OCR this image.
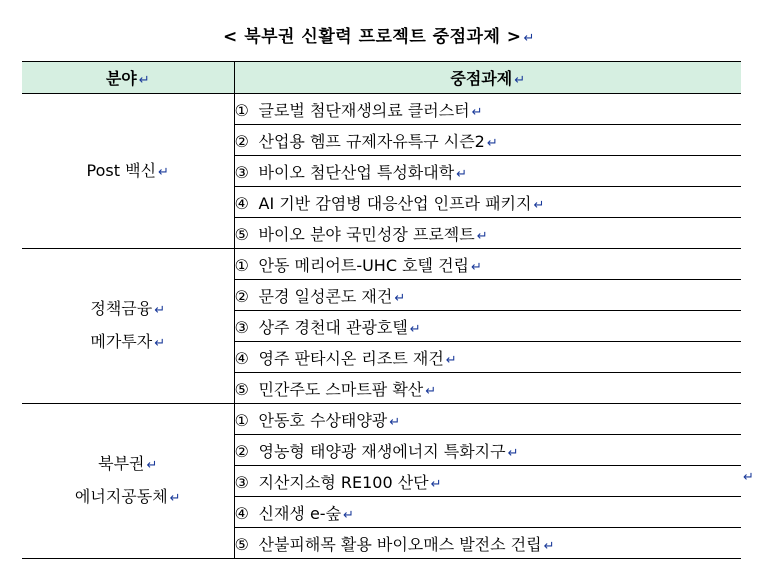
< 북부권 신활력 프로젝트 중점과제 > ↵
분야 ↵	중점과제 ↵

Post 백신 ↵	① 글로벌 첨단재생의료 클러스터 ↵
	② 산업용 헴프 규제자유특구 시즌2 ↵
	③ 바이오 첨단산업 특성화대학 ↵
	④ AI 기반 감염병 대응산업 인프라 패키지 ↵
	⑤ 바이오 분야 국민성장 프로젝트 ↵

정책금융 ↵
메가투자 ↵	① 안동 메리어트-UHC 호텔 건립 ↵
	② 문경 일성콘도 재건 ↵
	③ 상주 경천대 관광호텔 ↵
	④ 영주 판타시온 리조트 재건 ↵
	⑤ 민간주도 스마트팜 확산 ↵

북부권 ↵
에너지공동체 ↵	① 안동호 수상태양광 ↵
	② 영농형 태양광 재생에너지 특화지구 ↵
	③ 지산지소형 RE100 산단 ↵
	④ 신재생 e-숲 ↵
	⑤ 산불피해목 활용 바이오매스 발전소 건립 ↵
↵
